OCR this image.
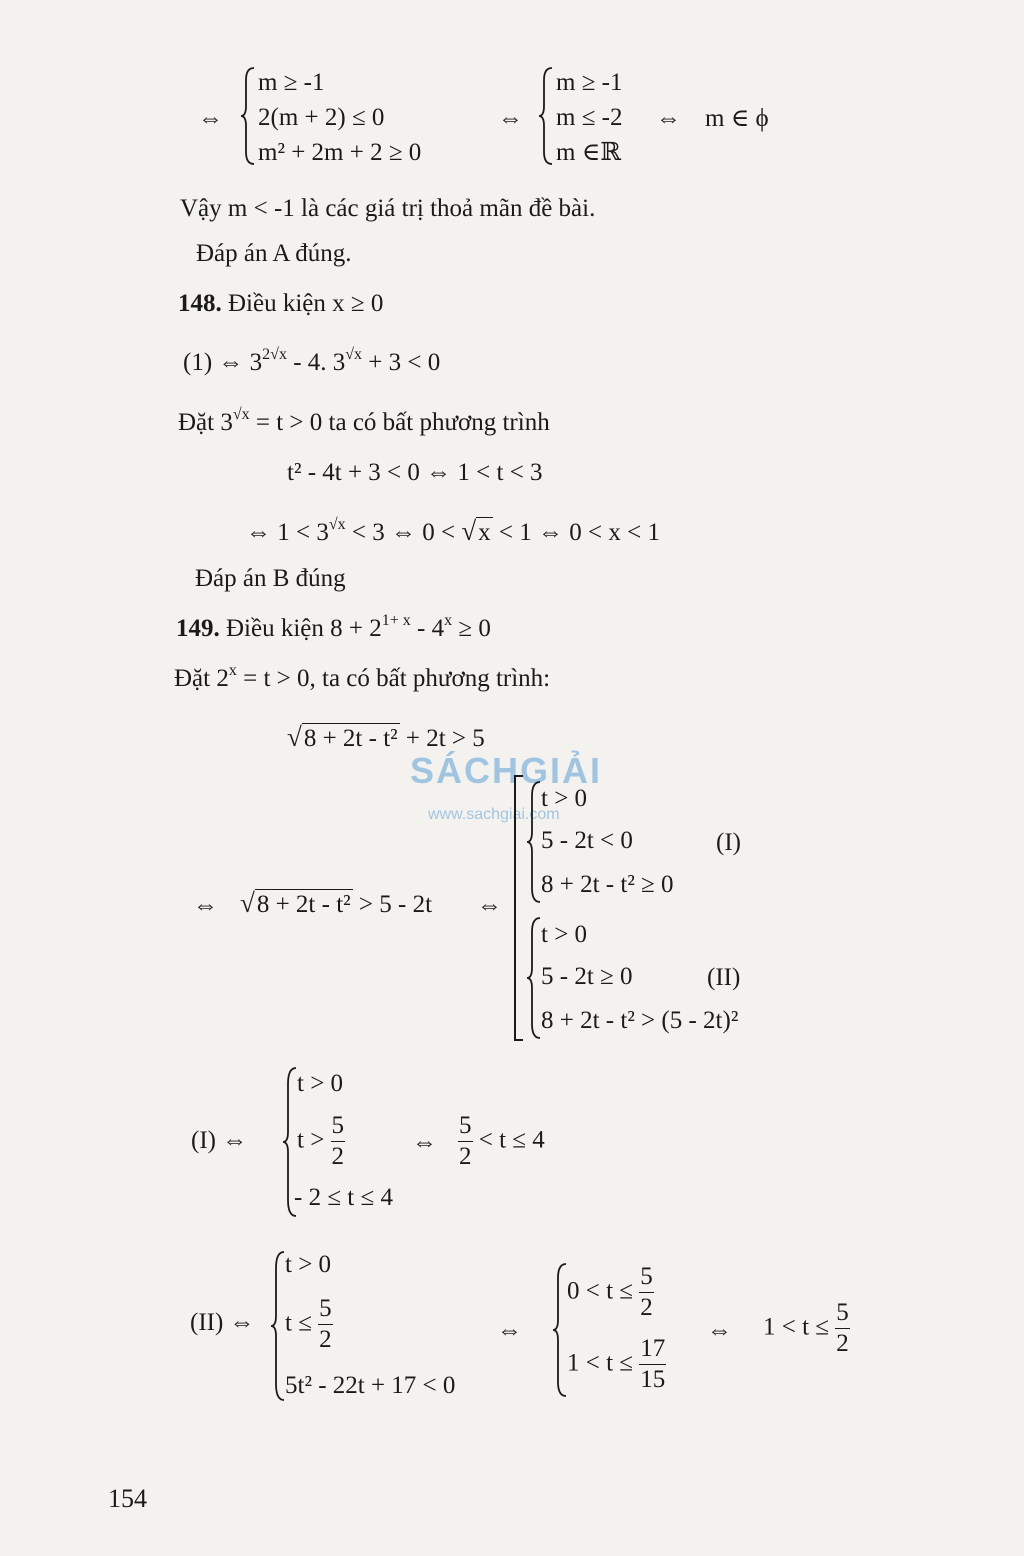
SÁCHGIẢI
www.sachgiai.com
⇔
m ≥ -1
2(m + 2) ≤ 0
m² + 2m + 2 ≥ 0
⇔
m ≥ -1
m ≤ -2
m ∈ℝ
⇔ m ∈ ϕ
Vậy m < -1 là các giá trị thoả mãn đề bài.
Đáp án A đúng.
148. Điều kiện x ≥ 0
(1) ⇔ $3^{2√x} - 4$. $3^{√x} + 3 < 0$
Đặt $3^{√x} = t > 0$ ta có bất phương trình
t² - 4t + 3 < 0 ⇔ 1 < t < 3
⇔ $1 < 3^{√x} < 3$ ⇔ 0 < √x < 1 ⇔ 0 < x < 1
Đáp án B đúng
149. Điều kiện $8 + 2^{1+ x} - 4^x \ge 0$
Đặt $2^x = t > 0$, ta có bất phương trình:
√8 + 2t - t² + 2t > 5
⇔ √8 + 2t - t² > 5 - 2t ⇔
t > 0
5 - 2t < 0
8 + 2t - t² ≥ 0
(I)
t > 0
5 - 2t ≥ 0
8 + 2t - t² > (5 - 2t)²
(II)
(I) ⇔
t > 0
$t > \frac{5}{2}$
- 2 ≤ t ≤ 4
⇔ $\frac{5}{2} < t \le 4$
(II) ⇔
t > 0
$t \le \frac{5}{2}$
5t² - 22t + 17 < 0
⇔
$0 < t \le \frac{5}{2}$
$1 < t \le \frac{17}{15}$
⇔ $1 < t \le \frac{5}{2}$
154
